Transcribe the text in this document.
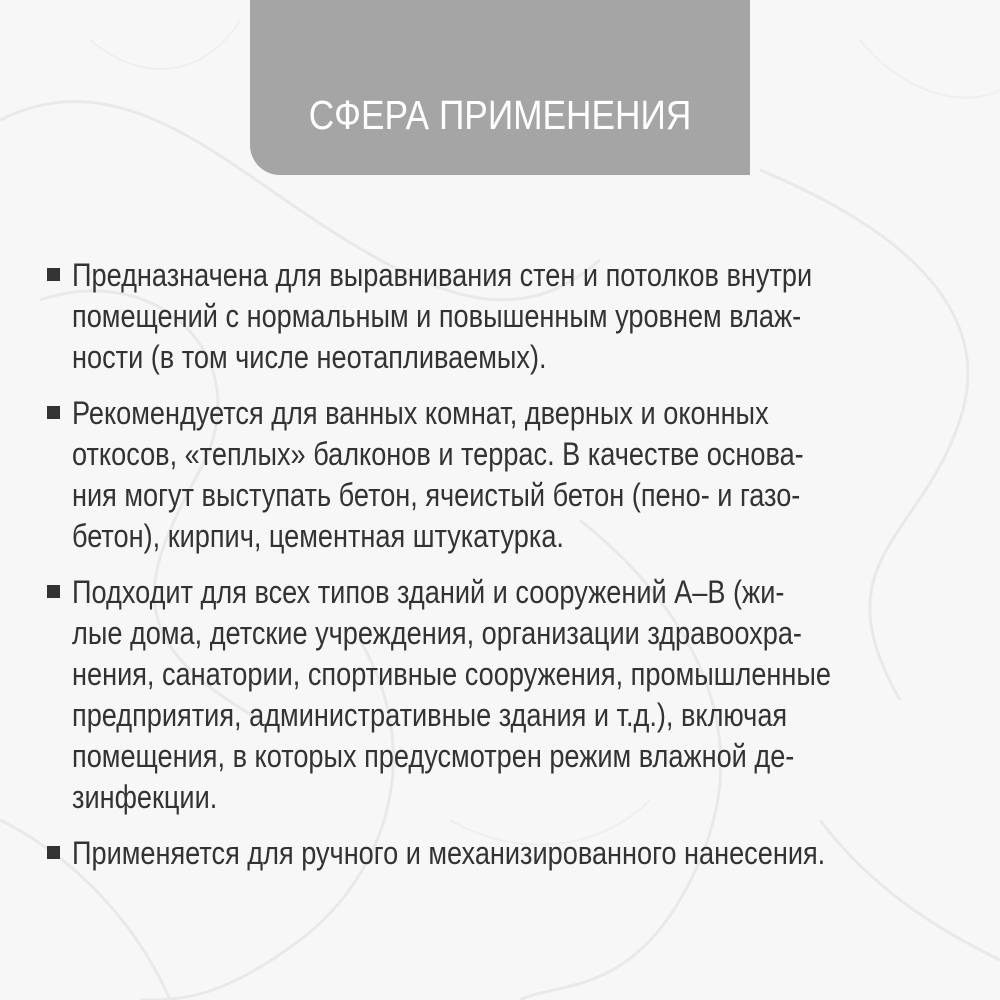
СФЕРА ПРИМЕНЕНИЯ
Предназначена для выравнивания стен и потолков внутри
помещений с нормальным и повышенным уровнем влаж-
ности (в том числе неотапливаемых).
Рекомендуется для ванных комнат, дверных и оконных
откосов, «теплых» балконов и террас. В качестве основа-
ния могут выступать бетон, ячеистый бетон (пено- и газо-
бетон), кирпич, цементная штукатурка.
Подходит для всех типов зданий и сооружений А–В (жи-
лые дома, детские учреждения, организации здравоохра-
нения, санатории, спортивные сооружения, промышленные
предприятия, административные здания и т.д.), включая
помещения, в которых предусмотрен режим влажной де-
зинфекции.
Применяется для ручного и механизированного нанесения.
